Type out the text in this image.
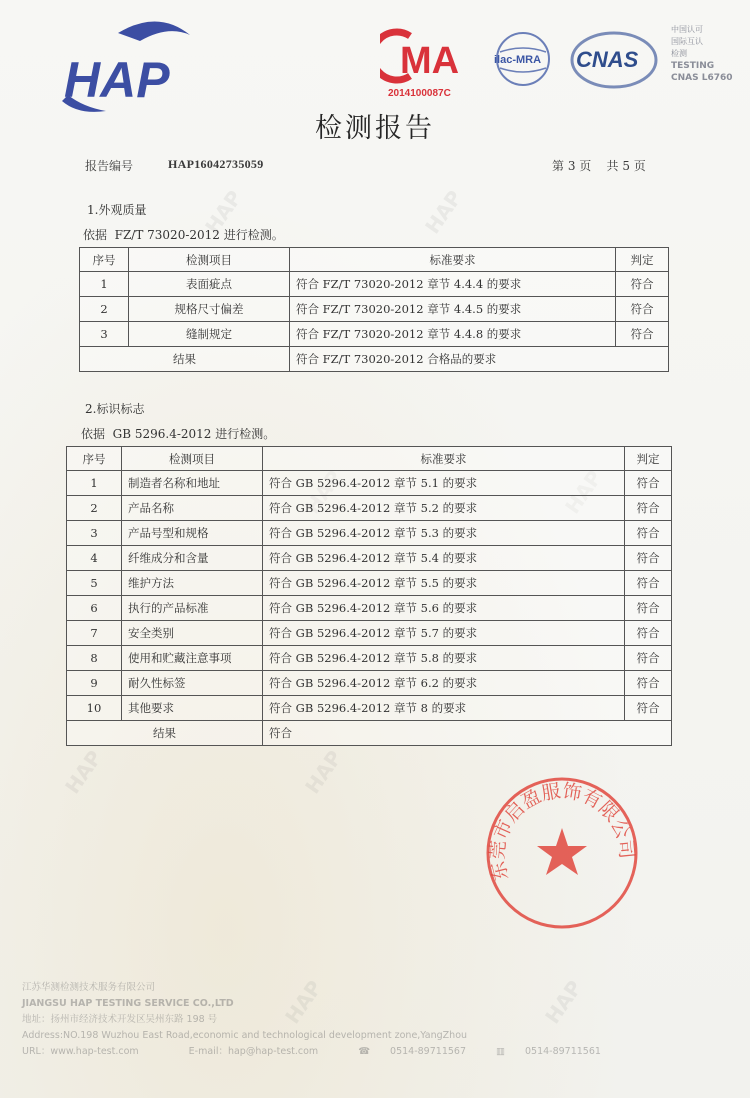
HAP	HAP
HAP	HAP
HAP	HAP
HAP	HAP
HAP	MA
2014100087C
ilac-MRA CNAS
中国认可
国际互认
检测
TESTING
CNAS L6760
检测报告
报告编号	HAP16042735059	第 3 页    共 5 页
1.外观质量
依据  FZ/T 73020-2012 进行检测。
序号	检测项目	标准要求	判定
1	表面疵点	符合 FZ/T 73020-2012 章节 4.4.4 的要求	符合
2	规格尺寸偏差	符合 FZ/T 73020-2012 章节 4.4.5 的要求	符合
3	缝制规定	符合 FZ/T 73020-2012 章节 4.4.8 的要求	符合
结果		符合 FZ/T 73020-2012 合格品的要求	
2.标识标志
依据  GB 5296.4-2012 进行检测。
序号	检测项目	标准要求	判定
1	制造者名称和地址	符合 GB 5296.4-2012 章节 5.1 的要求	符合
2	产品名称	符合 GB 5296.4-2012 章节 5.2 的要求	符合
3	产品号型和规格	符合 GB 5296.4-2012 章节 5.3 的要求	符合
4	纤维成分和含量	符合 GB 5296.4-2012 章节 5.4 的要求	符合
5	维护方法	符合 GB 5296.4-2012 章节 5.5 的要求	符合
6	执行的产品标准	符合 GB 5296.4-2012 章节 5.6 的要求	符合
7	安全类别	符合 GB 5296.4-2012 章节 5.7 的要求	符合
8	使用和贮藏注意事项	符合 GB 5296.4-2012 章节 5.8 的要求	符合
9	耐久性标签	符合 GB 5296.4-2012 章节 6.2 的要求	符合
10	其他要求	符合 GB 5296.4-2012 章节 8 的要求	符合
结果		符合	
东莞市启盈服饰有限公司
江苏华测检测技术服务有限公司
JIANGSU HAP TESTING SERVICE CO.,LTD
地址：扬州市经济技术开发区吴州东路 198 号
Address:NO.198 Wuzhou East Road,economic and technological development zone,YangZhou
URL：www.hap-test.com	E-mail：hap@hap-test.com	☎ 0514-89711567	▥ 0514-89711561
